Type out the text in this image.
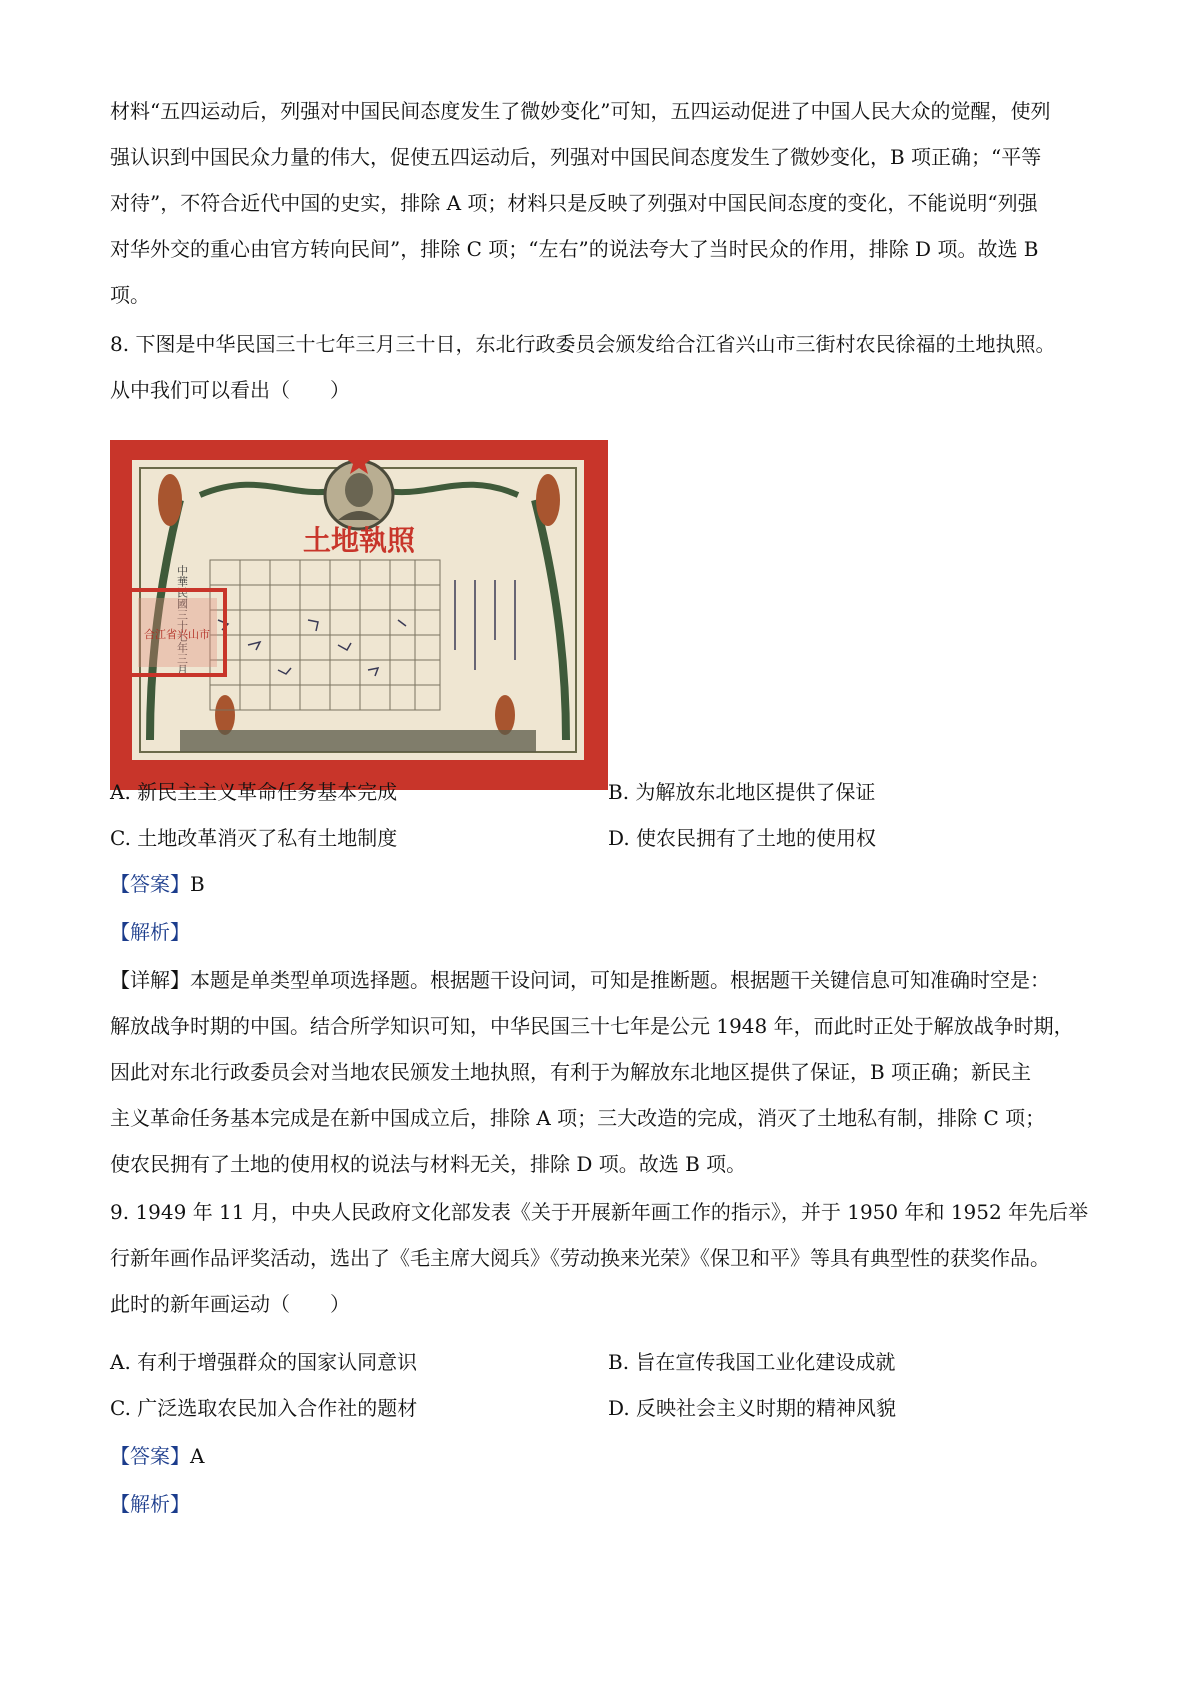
材料“五四运动后，列强对中国民间态度发生了微妙变化”可知，五四运动促进了中国人民大众的觉醒，使列
强认识到中国民众力量的伟大，促使五四运动后，列强对中国民间态度发生了微妙变化，B 项正确；“平等
对待”，不符合近代中国的史实，排除 A 项；材料只是反映了列强对中国民间态度的变化，不能说明“列强
对华外交的重心由官方转向民间”，排除 C 项；“左右”的说法夸大了当时民众的作用，排除 D 项。故选 B
项。
8. 下图是中华民国三十七年三月三十日，东北行政委员会颁发给合江省兴山市三街村农民徐福的土地执照。
从中我们可以看出（　　）
土地執照
中華民國三十七年三月
合江省兴山市
A. 新民主主义革命任务基本完成	B. 为解放东北地区提供了保证
C. 土地改革消灭了私有土地制度	D. 使农民拥有了土地的使用权
【答案】B
【解析】
【详解】本题是单类型单项选择题。根据题干设问词，可知是推断题。根据题干关键信息可知准确时空是：
解放战争时期的中国。结合所学知识可知，中华民国三十七年是公元 1948 年，而此时正处于解放战争时期，
因此对东北行政委员会对当地农民颁发土地执照，有利于为解放东北地区提供了保证，B 项正确；新民主
主义革命任务基本完成是在新中国成立后，排除 A 项；三大改造的完成，消灭了土地私有制，排除 C 项；
使农民拥有了土地的使用权的说法与材料无关，排除 D 项。故选 B 项。
9. 1949 年 11 月，中央人民政府文化部发表《关于开展新年画工作的指示》，并于 1950 年和 1952 年先后举
行新年画作品评奖活动，选出了《毛主席大阅兵》《劳动换来光荣》《保卫和平》等具有典型性的获奖作品。
此时的新年画运动（　　）
A. 有利于增强群众的国家认同意识	B. 旨在宣传我国工业化建设成就
C. 广泛选取农民加入合作社的题材	D. 反映社会主义时期的精神风貌
【答案】A
【解析】
